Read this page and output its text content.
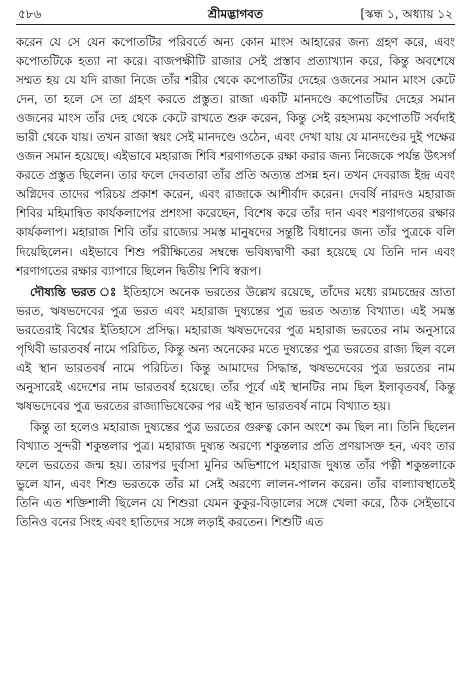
৫৮৬	শ্রীমদ্ভাগবত	[স্কন্ধ ১, অধ্যায় ১২

করেন যে সে যেন কপোতটির পরিবর্তে অন্য কোন মাংস আহারের জন্য গ্রহণ করে, এবং কপোতটিকে হত্যা না করে। বাজপক্ষীটি রাজার সেই প্রস্তাব প্রত্যাখ্যান করে, কিন্তু অবশেষে সম্মত হয় যে যদি রাজা নিজে তাঁর শরীর থেকে কপোতটির দেহের ওজনের সমান মাংস কেটে দেন, তা হলে সে তা গ্রহণ করতে প্রস্তুত। রাজা একটি মানদণ্ডে কপোতটির দেহের সমান ওজনের মাংস তাঁর দেহ থেকে কেটে রাখতে শুরু করেন, কিন্তু সেই রহস্যময় কপোতটি সর্বদাই ভারী থেকে যায়। তখন রাজা স্বয়ং সেই মানদণ্ডে ওঠেন, এবং দেখা যায় যে মানদণ্ডের দুই পক্ষের ওজন সমান হয়েছে। এইভাবে মহারাজ শিবি শরণাগতকে রক্ষা করার জন্য নিজেকে পর্যন্ত উৎসর্গ করতে প্রস্তুত ছিলেন। তার ফলে দেবতারা তাঁর প্রতি অত্যন্ত প্রসন্ন হন। তখন দেবরাজ ইন্দ্র এবং অগ্নিদেব তাদের পরিচয় প্রকাশ করেন, এবং রাজাকে আশীর্বাদ করেন। দেবর্ষি নারদও মহারাজ শিবির মহিমান্বিত কার্যকলাপের প্রশংসা করেছেন, বিশেষ করে তাঁর দান এবং শরণাগতের রক্ষার কার্যকলাপ। মহারাজ শিবি তাঁর রাজ্যের সমস্ত মানুষদের সন্তুষ্টি বিধানের জন্য তাঁর পুত্রকে বলি দিয়েছিলেন। এইভাবে শিশু পরীক্ষিতের সম্বন্ধে ভবিষ্যদ্বাণী করা হয়েছে যে তিনি দান এবং শরণাগতের রক্ষার ব্যাপারে ছিলেন দ্বিতীয় শিবি স্বরূপ।

দৌষ্যন্তি ভরত ঃ ইতিহাসে অনেক ভরতের উল্লেখ রয়েছে, তাঁদের মধ্যে রামচন্দ্রের ভ্রাতা ভরত, ঋষভদেবের পুত্র ভরত এবং মহারাজ দুষ্যন্তের পুত্র ভরত অত্যন্ত বিখ্যাত। এই সমস্ত ভরতেরাই বিশ্বের ইতিহাসে প্রসিদ্ধ। মহারাজ ঋষভদেবের পুত্র মহারাজ ভরতের নাম অনুসারে পৃথিবী ভারতবর্ষ নামে পরিচিত, কিন্তু অন্য অনেকের মতে দুষ্যন্তের পুত্র ভরতের রাজ্য ছিল বলে এই স্থান ভারতবর্ষ নামে পরিচিত। কিন্তু আমাদের সিদ্ধান্ত, ঋষভদেবের পুত্র ভরতের নাম অনুসারেই এদেশের নাম ভারতবর্ষ হয়েছে। তাঁর পূর্বে এই স্থানটির নাম ছিল ইলাবৃতবর্ষ, কিন্তু ঋষভদেবের পুত্র ভরতের রাজ্যাভিষেকের পর এই স্থান ভারতবর্ষ নামে বিখ্যাত হয়।

কিন্তু তা হলেও মহারাজ দুষ্যন্তের পুত্র ভরতের গুরুত্ব কোন অংশে কম ছিল না। তিনি ছিলেন বিখ্যাত সুন্দরী শকুন্তলার পুত্র। মহারাজ দুষ্যন্ত অরণ্যে শকুন্তলার প্রতি প্রণয়াসক্ত হন, এবং তার ফলে ভরতের জন্ম হয়। তারপর দুর্বাসা মুনির অভিশাপে মহারাজ দুষ্যন্ত তাঁর পত্নী শকুন্তলাকে ভুলে যান, এবং শিশু ভরতকে তাঁর মা সেই অরণ্যে লালন-পালন করেন। তাঁর বাল্যাবস্থাতেই তিনি এত শক্তিশালী ছিলেন যে শিশুরা যেমন কুকুর-বিড়ালের সঙ্গে খেলা করে, ঠিক সেইভাবে তিনিও বনের সিংহ এবং হাতিদের সঙ্গে লড়াই করতেন। শিশুটি এত
